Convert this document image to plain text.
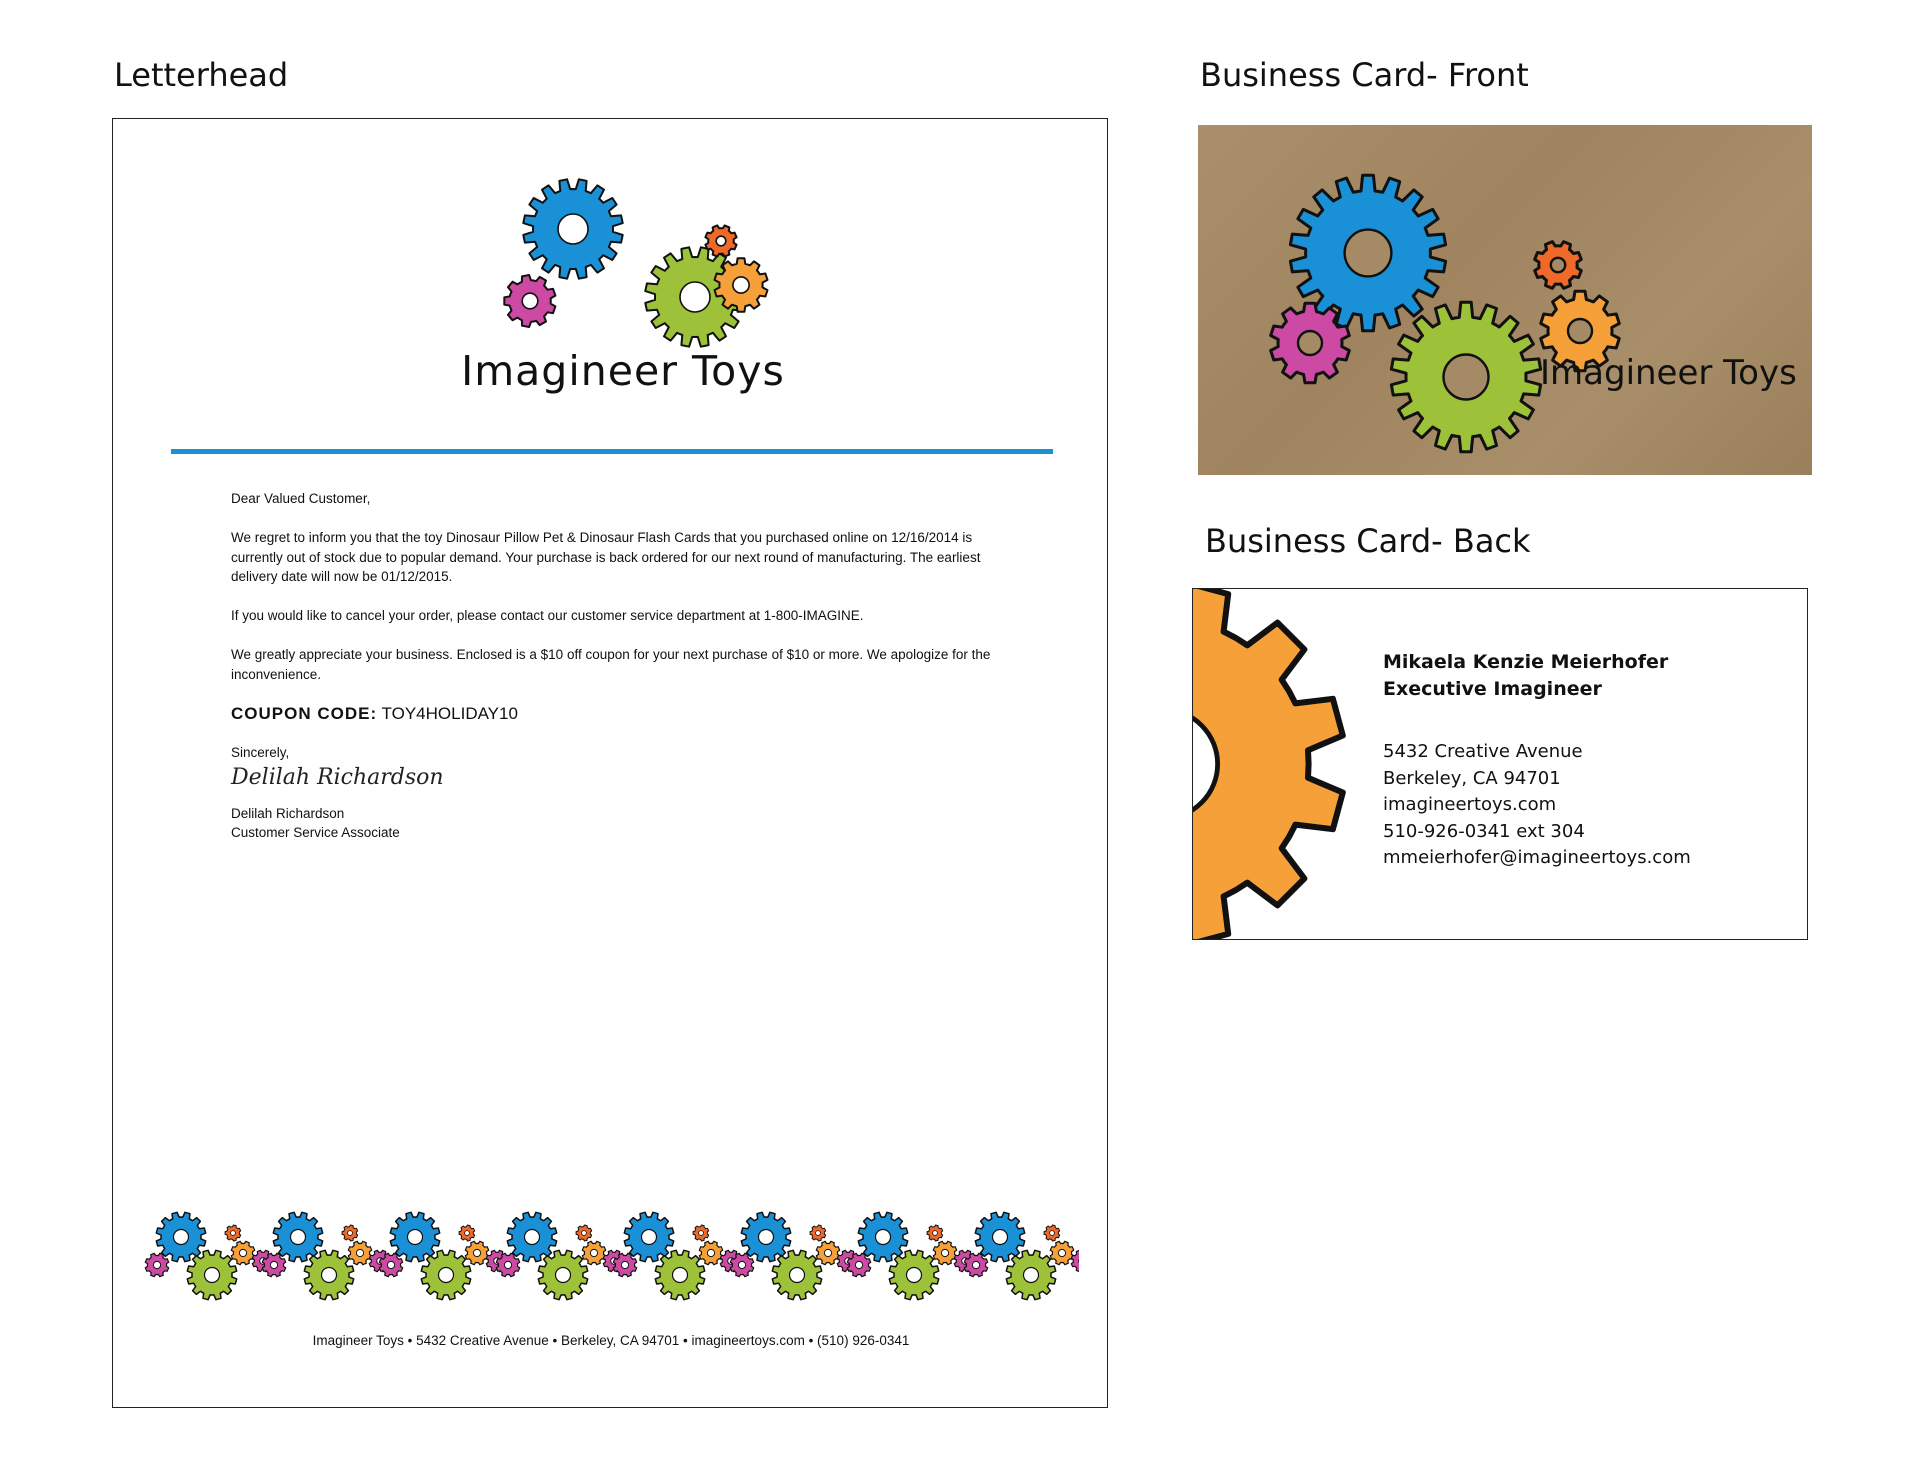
Letterhead	Business Card- Front
Business Card- Back
Imagineer Toys

Dear Valued Customer,

We regret to inform you that the toy Dinosaur Pillow Pet & Dinosaur Flash Cards that you purchased online on 12/16/2014 is currently out of stock due to popular demand. Your purchase is back ordered for our next round of manufacturing. The earliest delivery date will now be 01/12/2015.

If you would like to cancel your order, please contact our customer service department at 1-800-IMAGINE.

We greatly appreciate your business. Enclosed is a $10 off coupon for your next purchase of $10 or more. We apologize for the inconvenience.

COUPON CODE: TOY4HOLIDAY10

Sincerely,

Delilah Richardson
Delilah Richardson
Customer Service Associate
Imagineer Toys • 5432 Creative Avenue • Berkeley, CA 94701 • imagineertoys.com • (510) 926-0341
Imagineer Toys
Mikaela Kenzie Meierhofer
Executive Imagineer
5432 Creative Avenue
Berkeley, CA 94701
imagineertoys.com
510-926-0341 ext 304
mmeierhofer@imagineertoys.com
